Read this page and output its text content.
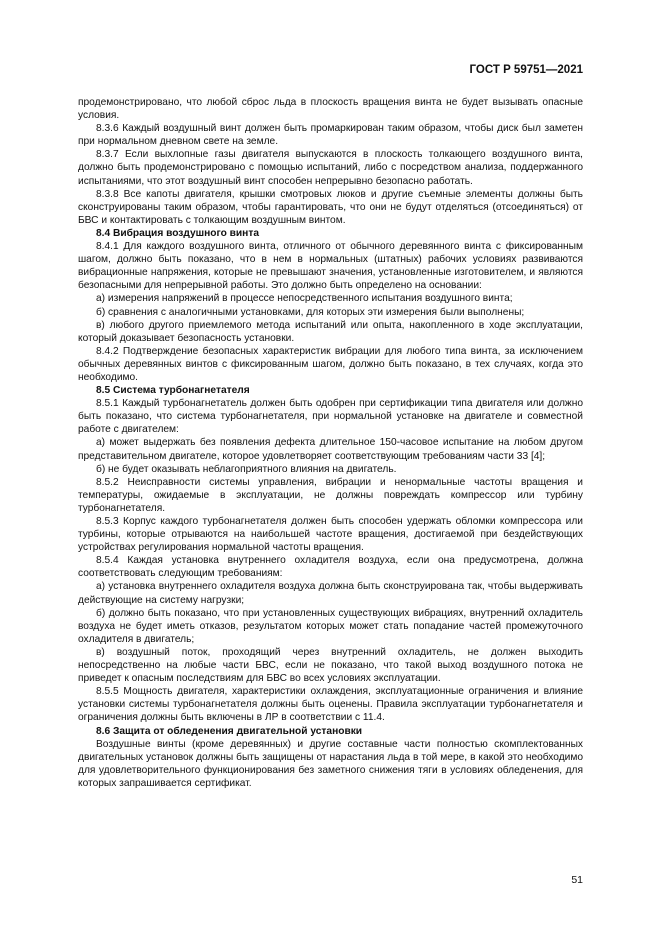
ГОСТ Р 59751—2021

продемонстрировано, что любой сброс льда в плоскость вращения винта не будет вызывать опасные условия.

8.3.6 Каждый воздушный винт должен быть промаркирован таким образом, чтобы диск был заметен при нормальном дневном свете на земле.

8.3.7 Если выхлопные газы двигателя выпускаются в плоскость толкающего воздушного винта, должно быть продемонстрировано с помощью испытаний, либо с посредством анализа, поддержанного испытаниями, что этот воздушный винт способен непрерывно безопасно работать.

8.3.8 Все капоты двигателя, крышки смотровых люков и другие съемные элементы должны быть сконструированы таким образом, чтобы гарантировать, что они не будут отделяться (отсоединяться) от БВС и контактировать с толкающим воздушным винтом.

8.4 Вибрация воздушного винта

8.4.1 Для каждого воздушного винта, отличного от обычного деревянного винта с фиксированным шагом, должно быть показано, что в нем в нормальных (штатных) рабочих условиях развиваются вибрационные напряжения, которые не превышают значения, установленные изготовителем, и являются безопасными для непрерывной работы. Это должно быть определено на основании:

а) измерения напряжений в процессе непосредственного испытания воздушного винта;

б) сравнения с аналогичными установками, для которых эти измерения были выполнены;

в) любого другого приемлемого метода испытаний или опыта, накопленного в ходе эксплуатации, который доказывает безопасность установки.

8.4.2 Подтверждение безопасных характеристик вибрации для любого типа винта, за исключением обычных деревянных винтов с фиксированным шагом, должно быть показано, в тех случаях, когда это необходимо.

8.5 Система турбонагнетателя

8.5.1 Каждый турбонагнетатель должен быть одобрен при сертификации типа двигателя или должно быть показано, что система турбонагнетателя, при нормальной установке на двигателе и совместной работе с двигателем:

а) может выдержать без появления дефекта длительное 150-часовое испытание на любом другом представительном двигателе, которое удовлетворяет соответствующим требованиям части 33 [4];

б) не будет оказывать неблагоприятного влияния на двигатель.

8.5.2 Неисправности системы управления, вибрации и ненормальные частоты вращения и температуры, ожидаемые в эксплуатации, не должны повреждать компрессор или турбину турбонагнетателя.

8.5.3 Корпус каждого турбонагнетателя должен быть способен удержать обломки компрессора или турбины, которые отрываются на наибольшей частоте вращения, достигаемой при бездействующих устройствах регулирования нормальной частоты вращения.

8.5.4 Каждая установка внутреннего охладителя воздуха, если она предусмотрена, должна соответствовать следующим требованиям:

а) установка внутреннего охладителя воздуха должна быть сконструирована так, чтобы выдерживать действующие на систему нагрузки;

б) должно быть показано, что при установленных существующих вибрациях, внутренний охладитель воздуха не будет иметь отказов, результатом которых может стать попадание частей промежуточного охладителя в двигатель;

в) воздушный поток, проходящий через внутренний охладитель, не должен выходить непосредственно на любые части БВС, если не показано, что такой выход воздушного потока не приведет к опасным последствиям для БВС во всех условиях эксплуатации.

8.5.5 Мощность двигателя, характеристики охлаждения, эксплуатационные ограничения и влияние установки системы турбонагнетателя должны быть оценены. Правила эксплуатации турбонагнетателя и ограничения должны быть включены в ЛР в соответствии с 11.4.

8.6 Защита от обледенения двигательной установки

Воздушные винты (кроме деревянных) и другие составные части полностью скомплектованных двигательных установок должны быть защищены от нарастания льда в той мере, в какой это необходимо для удовлетворительного функционирования без заметного снижения тяги в условиях обледенения, для которых запрашивается сертификат.

51
